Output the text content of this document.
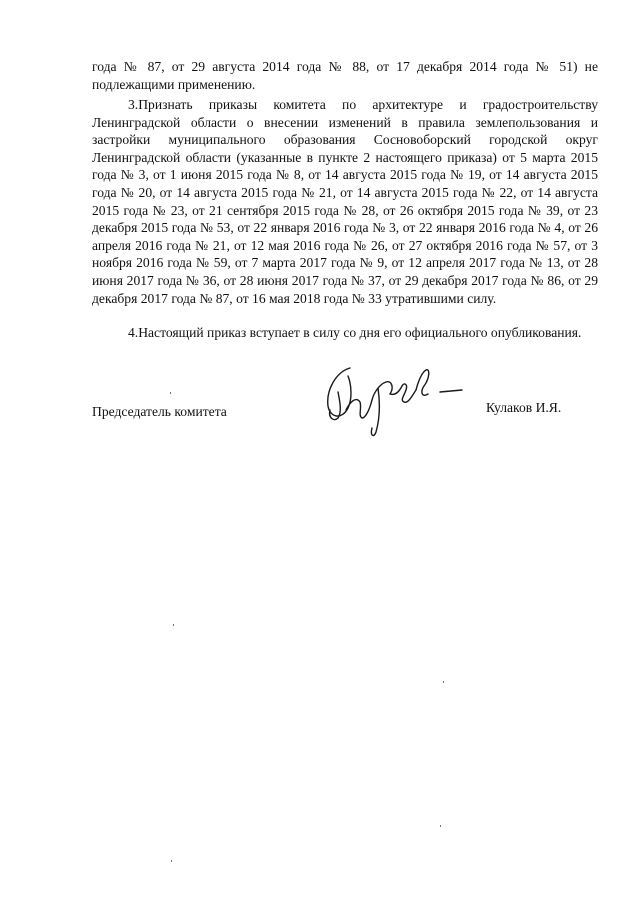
года № 87, от 29 августа 2014 года № 88, от 17 декабря 2014 года № 51) не подлежащими применению.

3.Признать приказы комитета по архитектуре и градостроительству Ленинградской области о внесении изменений в правила землепользования и застройки муниципального образования Сосновоборский городской округ Ленинградской области (указанные в пункте 2 настоящего приказа) от 5 марта 2015 года № 3, от 1 июня 2015 года № 8, от 14 августа 2015 года № 19, от 14 августа 2015 года № 20, от 14 августа 2015 года № 21, от 14 августа 2015 года № 22, от 14 августа 2015 года № 23, от 21 сентября 2015 года № 28, от 26 октября 2015 года № 39, от 23 декабря 2015 года № 53, от 22 января 2016 года № 3, от 22 января 2016 года № 4, от 26 апреля 2016 года № 21, от 12 мая 2016 года № 26, от 27 октября 2016 года № 57, от 3 ноября 2016 года № 59, от 7 марта 2017 года № 9, от 12 апреля 2017 года № 13, от 28 июня 2017 года № 36, от 28 июня 2017 года № 37, от 29 декабря 2017 года № 86, от 29 декабря 2017 года № 87, от 16 мая 2018 года № 33 утратившими силу.

4.Настоящий приказ вступает в силу со дня его официального опубликования.

Председатель комитета	Кулаков И.Я.
